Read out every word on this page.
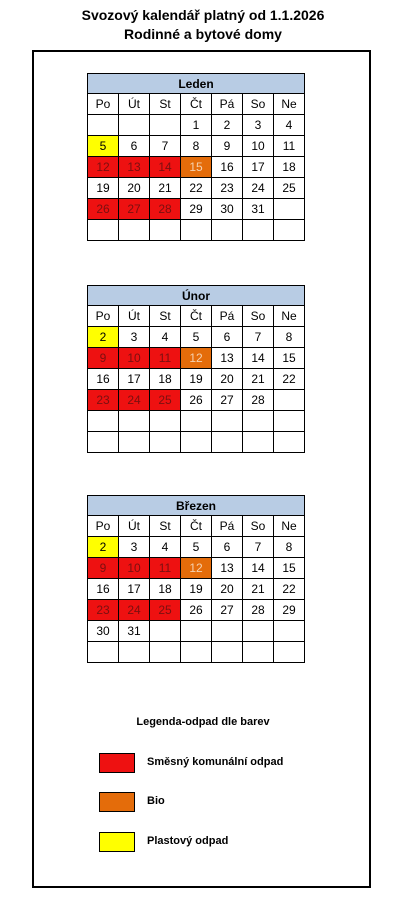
Svozový kalendář platný od 1.1.2026
Rodinné a bytové domy
Leden						
Po	Út	St	Čt	Pá	So	Ne
			1	2	3	4
5	6	7	8	9	10	11
12	13	14	15	16	17	18
19	20	21	22	23	24	25
26	27	28	29	30	31	

Únor						
Po	Út	St	Čt	Pá	So	Ne
2	3	4	5	6	7	8
9	10	11	12	13	14	15
16	17	18	19	20	21	22
23	24	25	26	27	28	

Březen						
Po	Út	St	Čt	Pá	So	Ne
2	3	4	5	6	7	8
9	10	11	12	13	14	15
16	17	18	19	20	21	22
23	24	25	26	27	28	29
30	31					

Legenda-odpad dle barev
Směsný komunální odpad
Bio
Plastový odpad
